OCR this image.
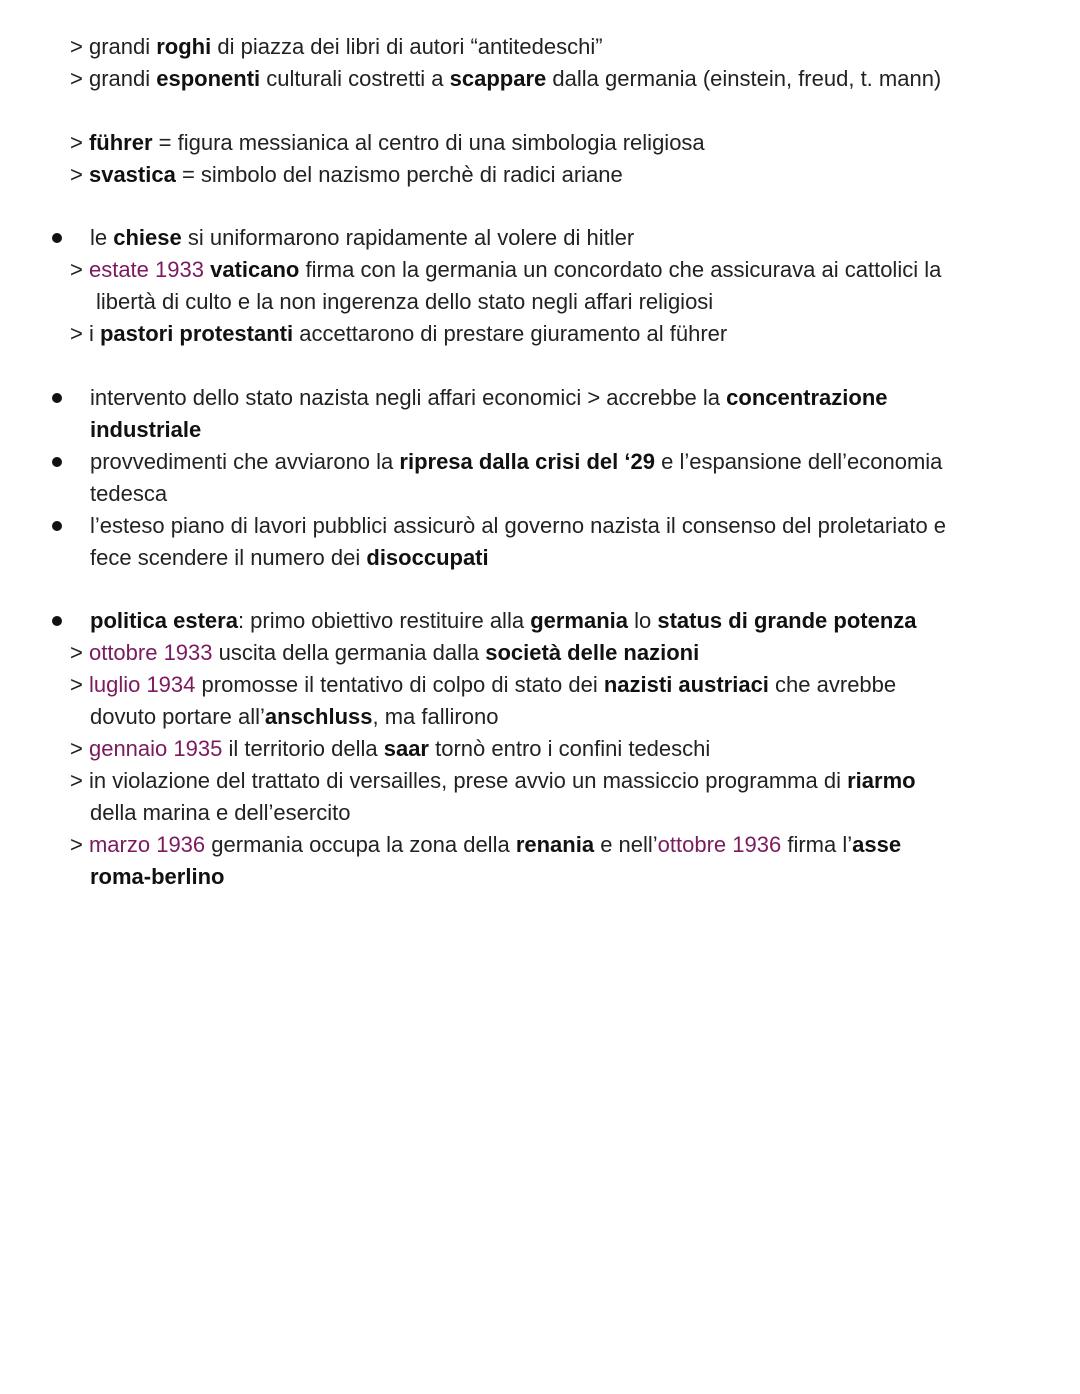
> grandi roghi di piazza dei libri di autori “antitedeschi”
> grandi esponenti culturali costretti a scappare dalla germania (einstein, freud, t. mann)
> führer = figura messianica al centro di una simbologia religiosa
> svastica = simbolo del nazismo perchè di radici ariane
le chiese si uniformarono rapidamente al volere di hitler
> estate 1933 vaticano firma con la germania un concordato che assicurava ai cattolici la
libertà di culto e la non ingerenza dello stato negli affari religiosi
> i pastori protestanti accettarono di prestare giuramento al führer
intervento dello stato nazista negli affari economici > accrebbe la concentrazione
industriale
provvedimenti che avviarono la ripresa dalla crisi del ‘29 e l’espansione dell’economia
tedesca
l’esteso piano di lavori pubblici assicurò al governo nazista il consenso del proletariato e
fece scendere il numero dei disoccupati
politica estera: primo obiettivo restituire alla germania lo status di grande potenza
> ottobre 1933 uscita della germania dalla società delle nazioni
> luglio 1934 promosse il tentativo di colpo di stato dei nazisti austriaci che avrebbe
dovuto portare all’anschluss, ma fallirono
> gennaio 1935 il territorio della saar tornò entro i confini tedeschi
> in violazione del trattato di versailles, prese avvio un massiccio programma di riarmo
della marina e dell’esercito
> marzo 1936 germania occupa la zona della renania e nell’ottobre 1936 firma l’asse
roma-berlino
